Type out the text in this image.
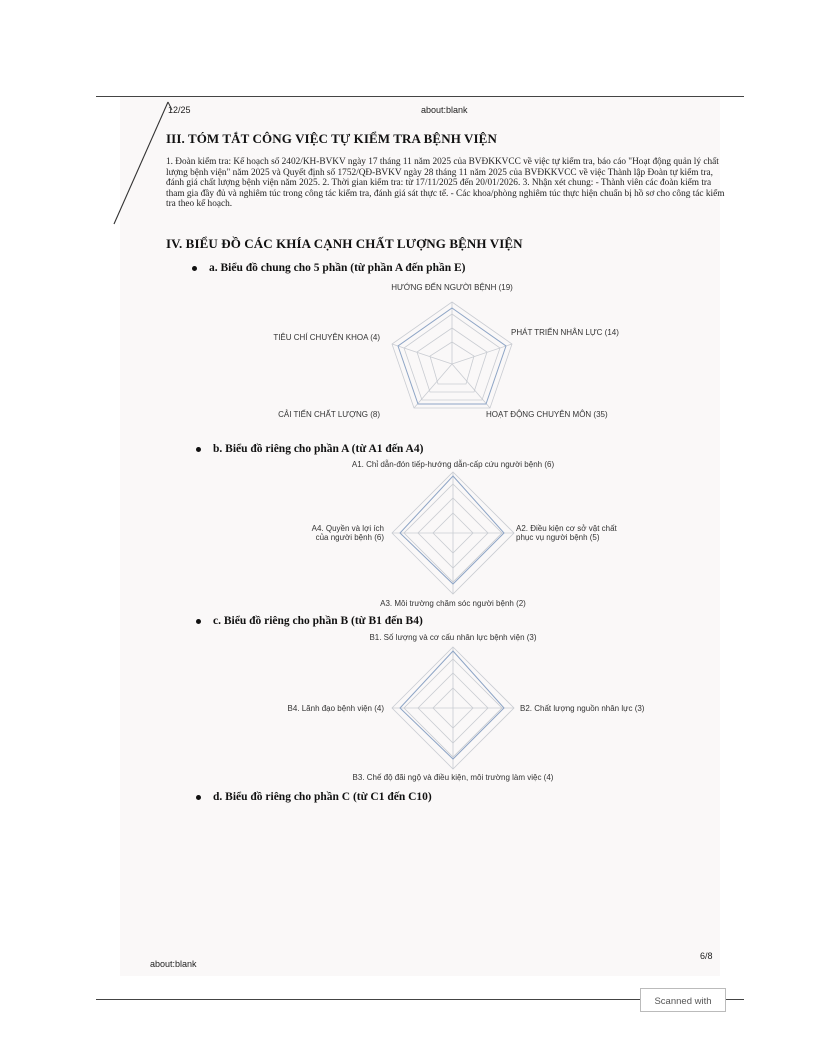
12/25	about:blank
III. TÓM TẮT CÔNG VIỆC TỰ KIỂM TRA BỆNH VIỆN
1. Đoàn kiểm tra: Kế hoạch số 2402/KH-BVKV ngày 17 tháng 11 năm 2025 của BVĐKKVCC về việc tự kiểm tra, báo cáo "Hoạt động quản lý chất lượng bệnh viện" năm 2025 và Quyết định số 1752/QĐ-BVKV ngày 28 tháng 11 năm 2025 của BVĐKKVCC về việc Thành lập Đoàn tự kiểm tra, đánh giá chất lượng bệnh viện năm 2025. 2. Thời gian kiểm tra: từ 17/11/2025 đến 20/01/2026. 3. Nhận xét chung: - Thành viên các đoàn kiểm tra tham gia đầy đủ và nghiêm túc trong công tác kiểm tra, đánh giá sát thực tế. - Các khoa/phòng nghiêm túc thực hiện chuẩn bị hồ sơ cho công tác kiểm tra theo kế hoạch.
IV. BIỂU ĐỒ CÁC KHÍA CẠNH CHẤT LƯỢNG BỆNH VIỆN
a. Biểu đồ chung cho 5 phần (từ phần A đến phần E)
HƯỚNG ĐẾN NGƯỜI BỆNH (19)
PHÁT TRIỂN NHÂN LỰC (14)
HOẠT ĐỘNG CHUYÊN MÔN (35)
CẢI TIẾN CHẤT LƯỢNG (8)
TIÊU CHÍ CHUYÊN KHOA (4)
b. Biểu đồ riêng cho phần A (từ A1 đến A4)
A1. Chỉ dẫn-đón tiếp-hướng dẫn-cấp cứu người bệnh (6)
A2. Điều kiện cơ sở vật chất phục vụ người bệnh (5)
A3. Môi trường chăm sóc người bệnh (2)
A4. Quyền và lợi ích của người bệnh (6)
c. Biểu đồ riêng cho phần B (từ B1 đến B4)
B1. Số lượng và cơ cấu nhân lực bệnh viện (3)
B2. Chất lượng nguồn nhân lực (3)
B3. Chế độ đãi ngộ và điều kiện, môi trường làm việc (4)
B4. Lãnh đạo bệnh viện (4)
d. Biểu đồ riêng cho phần C (từ C1 đến C10)
about:blank
6/8
Scanned with
